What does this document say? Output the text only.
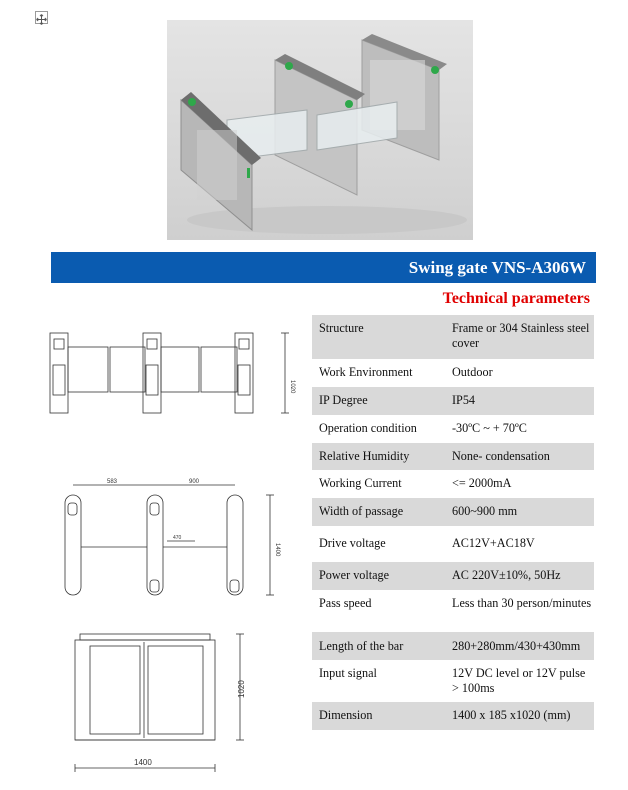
Swing gate VNS-A306W
Technical parameters
1020
583	900
470
1400
1020
1400
Structure	Frame or 304 Stainless steel cover
Work Environment	Outdoor
IP Degree	IP54
Operation condition	-30ºC ~ + 70ºC
Relative Humidity	None- condensation
Working Current	<= 2000mA
Width of passage	600~900 mm
Drive voltage	AC12V+AC18V
Power voltage	AC 220V±10%, 50Hz
Pass speed	Less than 30 person/minutes
Length of the bar	280+280mm/430+430mm
Input signal	12V DC level or 12V pulse > 100ms
Dimension	1400 x 185 x1020 (mm)
